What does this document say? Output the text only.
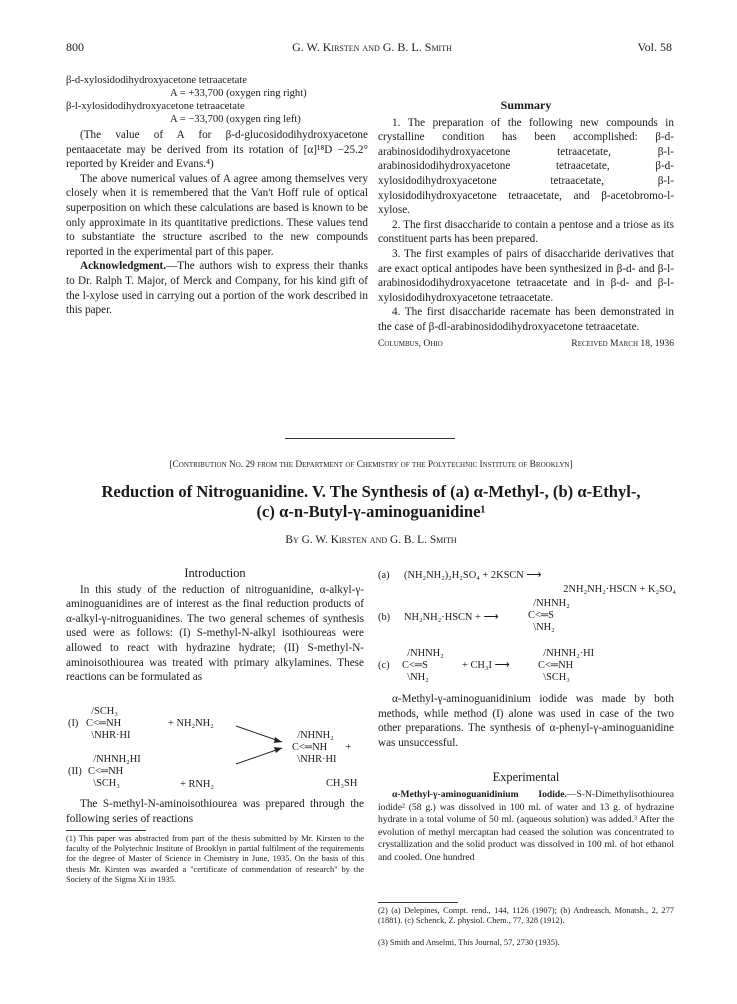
800	G. W. Kirsten and G. B. L. Smith	Vol. 58
β-d-xylosidodihydroxyacetone tetraacetate
A = +33,700 (oxygen ring right)
β-l-xylosidodihydroxyacetone tetraacetate
A = −33,700 (oxygen ring left)

(The value of A for β-d-glucosidodihydroxyacetone pentaacetate may be derived from its rotation of [α]¹⁸D −25.2° reported by Kreider and Evans.⁴)

The above numerical values of A agree among themselves very closely when it is remembered that the Van't Hoff rule of optical superposition on which these calculations are based is known to be only approximate in its quantitative predictions. These values tend to substantiate the structure ascribed to the new compounds reported in the experimental part of this paper.

Acknowledgment.—The authors wish to express their thanks to Dr. Ralph T. Major, of Merck and Company, for his kind gift of the l-xylose used in carrying out a portion of the work described in this paper.

Summary

1. The preparation of the following new compounds in crystalline condition has been accomplished: β-d-arabinosidodihydroxyacetone tetraacetate, β-l-arabinosidodihydroxyacetone tetraacetate, β-d-xylosidodihydroxyacetone tetraacetate, β-l-xylosidodihydroxyacetone tetraacetate, and β-acetobromo-l-xylose.

2. The first disaccharide to contain a pentose and a triose as its constituent parts has been prepared.

3. The first examples of pairs of disaccharide derivatives that are exact optical antipodes have been synthesized in β-d- and β-l-arabinosidodihydroxyacetone tetraacetate and in β-d- and β-l-xylosidodihydroxyacetone tetraacetate.

4. The first disaccharide racemate has been demonstrated in the case of β-dl-arabinosidodihydroxyacetone tetraacetate.

Columbus, Ohio	Received March 18, 1936
[Contribution No. 29 from the Department of Chemistry of the Polytechnic Institute of Brooklyn]
Reduction of Nitroguanidine. V. The Synthesis of (a) α-Methyl-, (b) α-Ethyl-,
(c) α-n-Butyl-γ-aminoguanidine¹
By G. W. Kirsten and G. B. L. Smith
Introduction

In this study of the reduction of nitroguanidine, α-alkyl-γ-aminoguanidines are of interest as the final reduction products of α-alkyl-γ-nitroguanidines. The two general schemes of synthesis used were as follows: (I) S-methyl-N-alkyl isothioureas were allowed to react with hydrazine hydrate; (II) S-methyl-N-aminoisothiourea was treated with primary alkylamines. These reactions can be formulated as

/SCH₃
C<═NH
\NHR·HI
(I)	+ NH₂NH₂
/NHNH₂HI
C<═NH
\SCH₃
(II)
+ RNH₂
/NHNH₂
C<═NH       +
\NHR·HI
CH₃SH

The S-methyl-N-aminoisothiourea was prepared through the following series of reactions

(1) This paper was abstracted from part of the thesis submitted by Mr. Kirsten to the faculty of the Polytechnic Institute of Brooklyn in partial fulfilment of the requirements for the degree of Master of Science in Chemistry in June, 1935. On the basis of this thesis Mr. Kirsten was awarded a "certificate of commendation of research" by the Society of the Sigma Xi in 1935.
(a) (NH₂NH₂)₂H₂SO₄ + 2KSCN ⟶
2NH₂NH₂·HSCN + K₂SO₄
(b) NH₂NH₂·HSCN + ⟶
/NHNH₂
C<═S
\NH₂
(c)
/NHNH₂
C<═S
\NH₂
+ CH₃I ⟶
/NHNH₂·HI
C<═NH
\SCH₃

α-Methyl-γ-aminoguanidinium iodide was made by both methods, while method (I) alone was used in case of the two other preparations. The synthesis of α-phenyl-γ-aminoguanidine was unsuccessful.

Experimental
α-Methyl-γ-aminoguanidinium Iodide.—S-N-Dimethylisothiourea iodide² (58 g.) was dissolved in 100 ml. of water and 13 g. of hydrazine hydrate in a total volume of 50 ml. (aqueous solution) was added.³ After the evolution of methyl mercaptan had ceased the solution was concentrated to crystallization and the solid product was dissolved in 100 ml. of hot ethanol and cooled. One hundred
(2) (a) Delepines, Compt. rend., 144, 1126 (1907); (b) Andreasch, Monatsh., 2, 277 (1881). (c) Schenck, Z. physiol. Chem., 77, 328 (1912).
(3) Smith and Anselmi, This Journal, 57, 2730 (1935).
